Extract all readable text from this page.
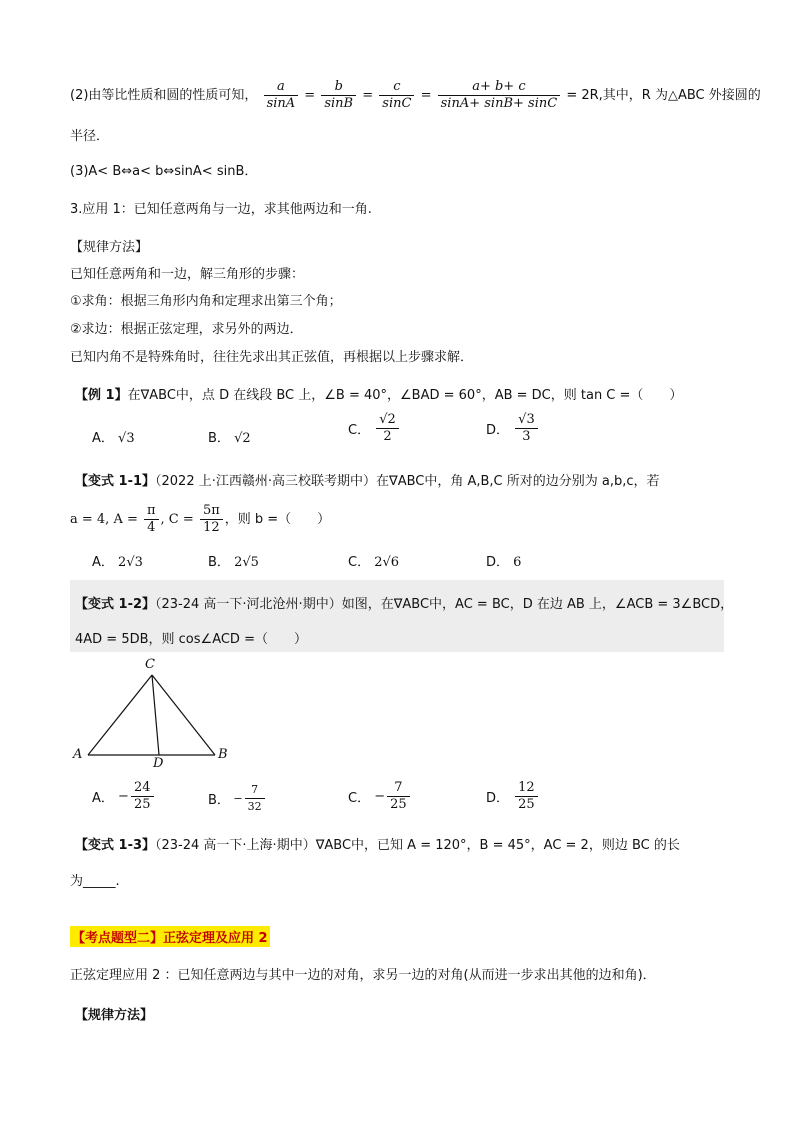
(2)由等比性质和圆的性质可知， $\frac{a}{\sin A} = \frac{b}{\sin B} = \frac{c}{\sin C} = \frac{a+ b+ c}{\sin A+ \sin B+ \sin C} = 2R$,其中，R 为△ABC 外接圆的
半径．
(3)A< B⇔a< b⇔sinA< sinB．
3.应用 1：已知任意两角与一边，求其他两边和一角.
【规律方法】
已知任意两角和一边，解三角形的步骤：
①求角：根据三角形内角和定理求出第三个角；
②求边：根据正弦定理，求另外的两边．
已知内角不是特殊角时，往往先求出其正弦值，再根据以上步骤求解．
【例 1】在∇ABC中，点 D 在线段 BC 上，∠B = 40°，∠BAD = 60°，AB = DC，则 tan C =（　　）
A． √3	B． √2
C． $\frac{√2}{2}$	D． $\frac{√3}{3}$
【变式 1-1】（2022 上·江西赣州·高三校联考期中）在∇ABC中，角 A,B,C 所对的边分别为 a,b,c，若
a = 4, $A = \frac{\pi}{4}$ , $C = \frac{5\pi}{12}$ ，则 b =（　　）
A． 2√3	B． 2√5	C． 2√6	D． 6
【变式 1-2】（23-24 高一下·河北沧州·期中）如图，在∇ABC中，AC = BC，D 在边 AB 上，∠ACB = 3∠BCD，
4AD = 5DB，则 cos∠ACD =（　　）
C
A	B
D
A． − $\frac{24}{25}$	B． − $\frac{7}{32}$	C． − $\frac{7}{25}$	D． $\frac{12}{25}$
【变式 1-3】（23-24 高一下·上海·期中）∇ABC中，已知 A = 120°，B = 45°，AC = 2，则边 BC 的长
为_____.
【考点题型二】正弦定理及应用 2
正弦定理应用 2 ：已知任意两边与其中一边的对角，求另一边的对角(从而进一步求出其他的边和角)．
【规律方法】
